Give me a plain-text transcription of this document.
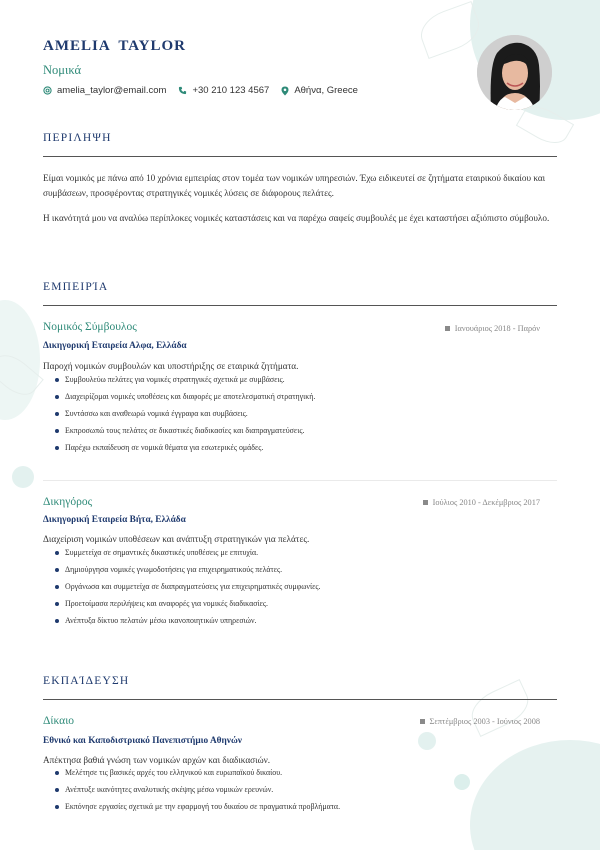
AMELIA TAYLOR
Νομικά
amelia_taylor@email.com	+30 210 123 4567	Αθήνα, Greece
ΠΕΡΙΛΗΨΗ
Είμαι νομικός με πάνω από 10 χρόνια εμπειρίας στον τομέα των νομικών υπηρεσιών. Έχω ειδικευτεί σε ζητήματα εταιρικού δικαίου και συμβάσεων, προσφέροντας στρατηγικές νομικές λύσεις σε διάφορους πελάτες.
Η ικανότητά μου να αναλύω περίπλοκες νομικές καταστάσεις και να παρέχω σαφείς συμβουλές με έχει καταστήσει αξιόπιστο σύμβουλο.
ΕΜΠΕΙΡΊΑ
Νομικός Σύμβουλος	Ιανουάριος 2018 - Παρόν
Δικηγορική Εταιρεία Αλφα, Ελλάδα
Παροχή νομικών συμβουλών και υποστήριξης σε εταιρικά ζητήματα.
Συμβουλεύω πελάτες για νομικές στρατηγικές σχετικά με συμβάσεις.
Διαχειρίζομαι νομικές υποθέσεις και διαφορές με αποτελεσματική στρατηγική.
Συντάσσω και αναθεωρώ νομικά έγγραφα και συμβάσεις.
Εκπροσωπώ τους πελάτες σε δικαστικές διαδικασίες και διαπραγματεύσεις.
Παρέχω εκπαίδευση σε νομικά θέματα για εσωτερικές ομάδες.
Δικηγόρος	Ιούλιος 2010 - Δεκέμβριος 2017
Δικηγορική Εταιρεία Βήτα, Ελλάδα
Διαχείριση νομικών υποθέσεων και ανάπτυξη στρατηγικών για πελάτες.
Συμμετείχα σε σημαντικές δικαστικές υποθέσεις με επιτυχία.
Δημιούργησα νομικές γνωμοδοτήσεις για επιχειρηματικούς πελάτες.
Οργάνωσα και συμμετείχα σε διαπραγματεύσεις για επιχειρηματικές συμφωνίες.
Προετοίμασα περιλήψεις και αναφορές για νομικές διαδικασίες.
Ανέπτυξα δίκτυο πελατών μέσω ικανοποιητικών υπηρεσιών.
ΕΚΠΑΊΔΕΥΣΗ
Δίκαιο	Σεπτέμβριος 2003 - Ιούνιος 2008
Εθνικό και Καποδιστριακό Πανεπιστήμιο Αθηνών
Απέκτησα βαθιά γνώση των νομικών αρχών και διαδικασιών.
Μελέτησε τις βασικές αρχές του ελληνικού και ευρωπαϊκού δικαίου.
Ανέπτυξε ικανότητες αναλυτικής σκέψης μέσω νομικών ερευνών.
Εκπόνησε εργασίες σχετικά με την εφαρμογή του δικαίου σε πραγματικά προβλήματα.
